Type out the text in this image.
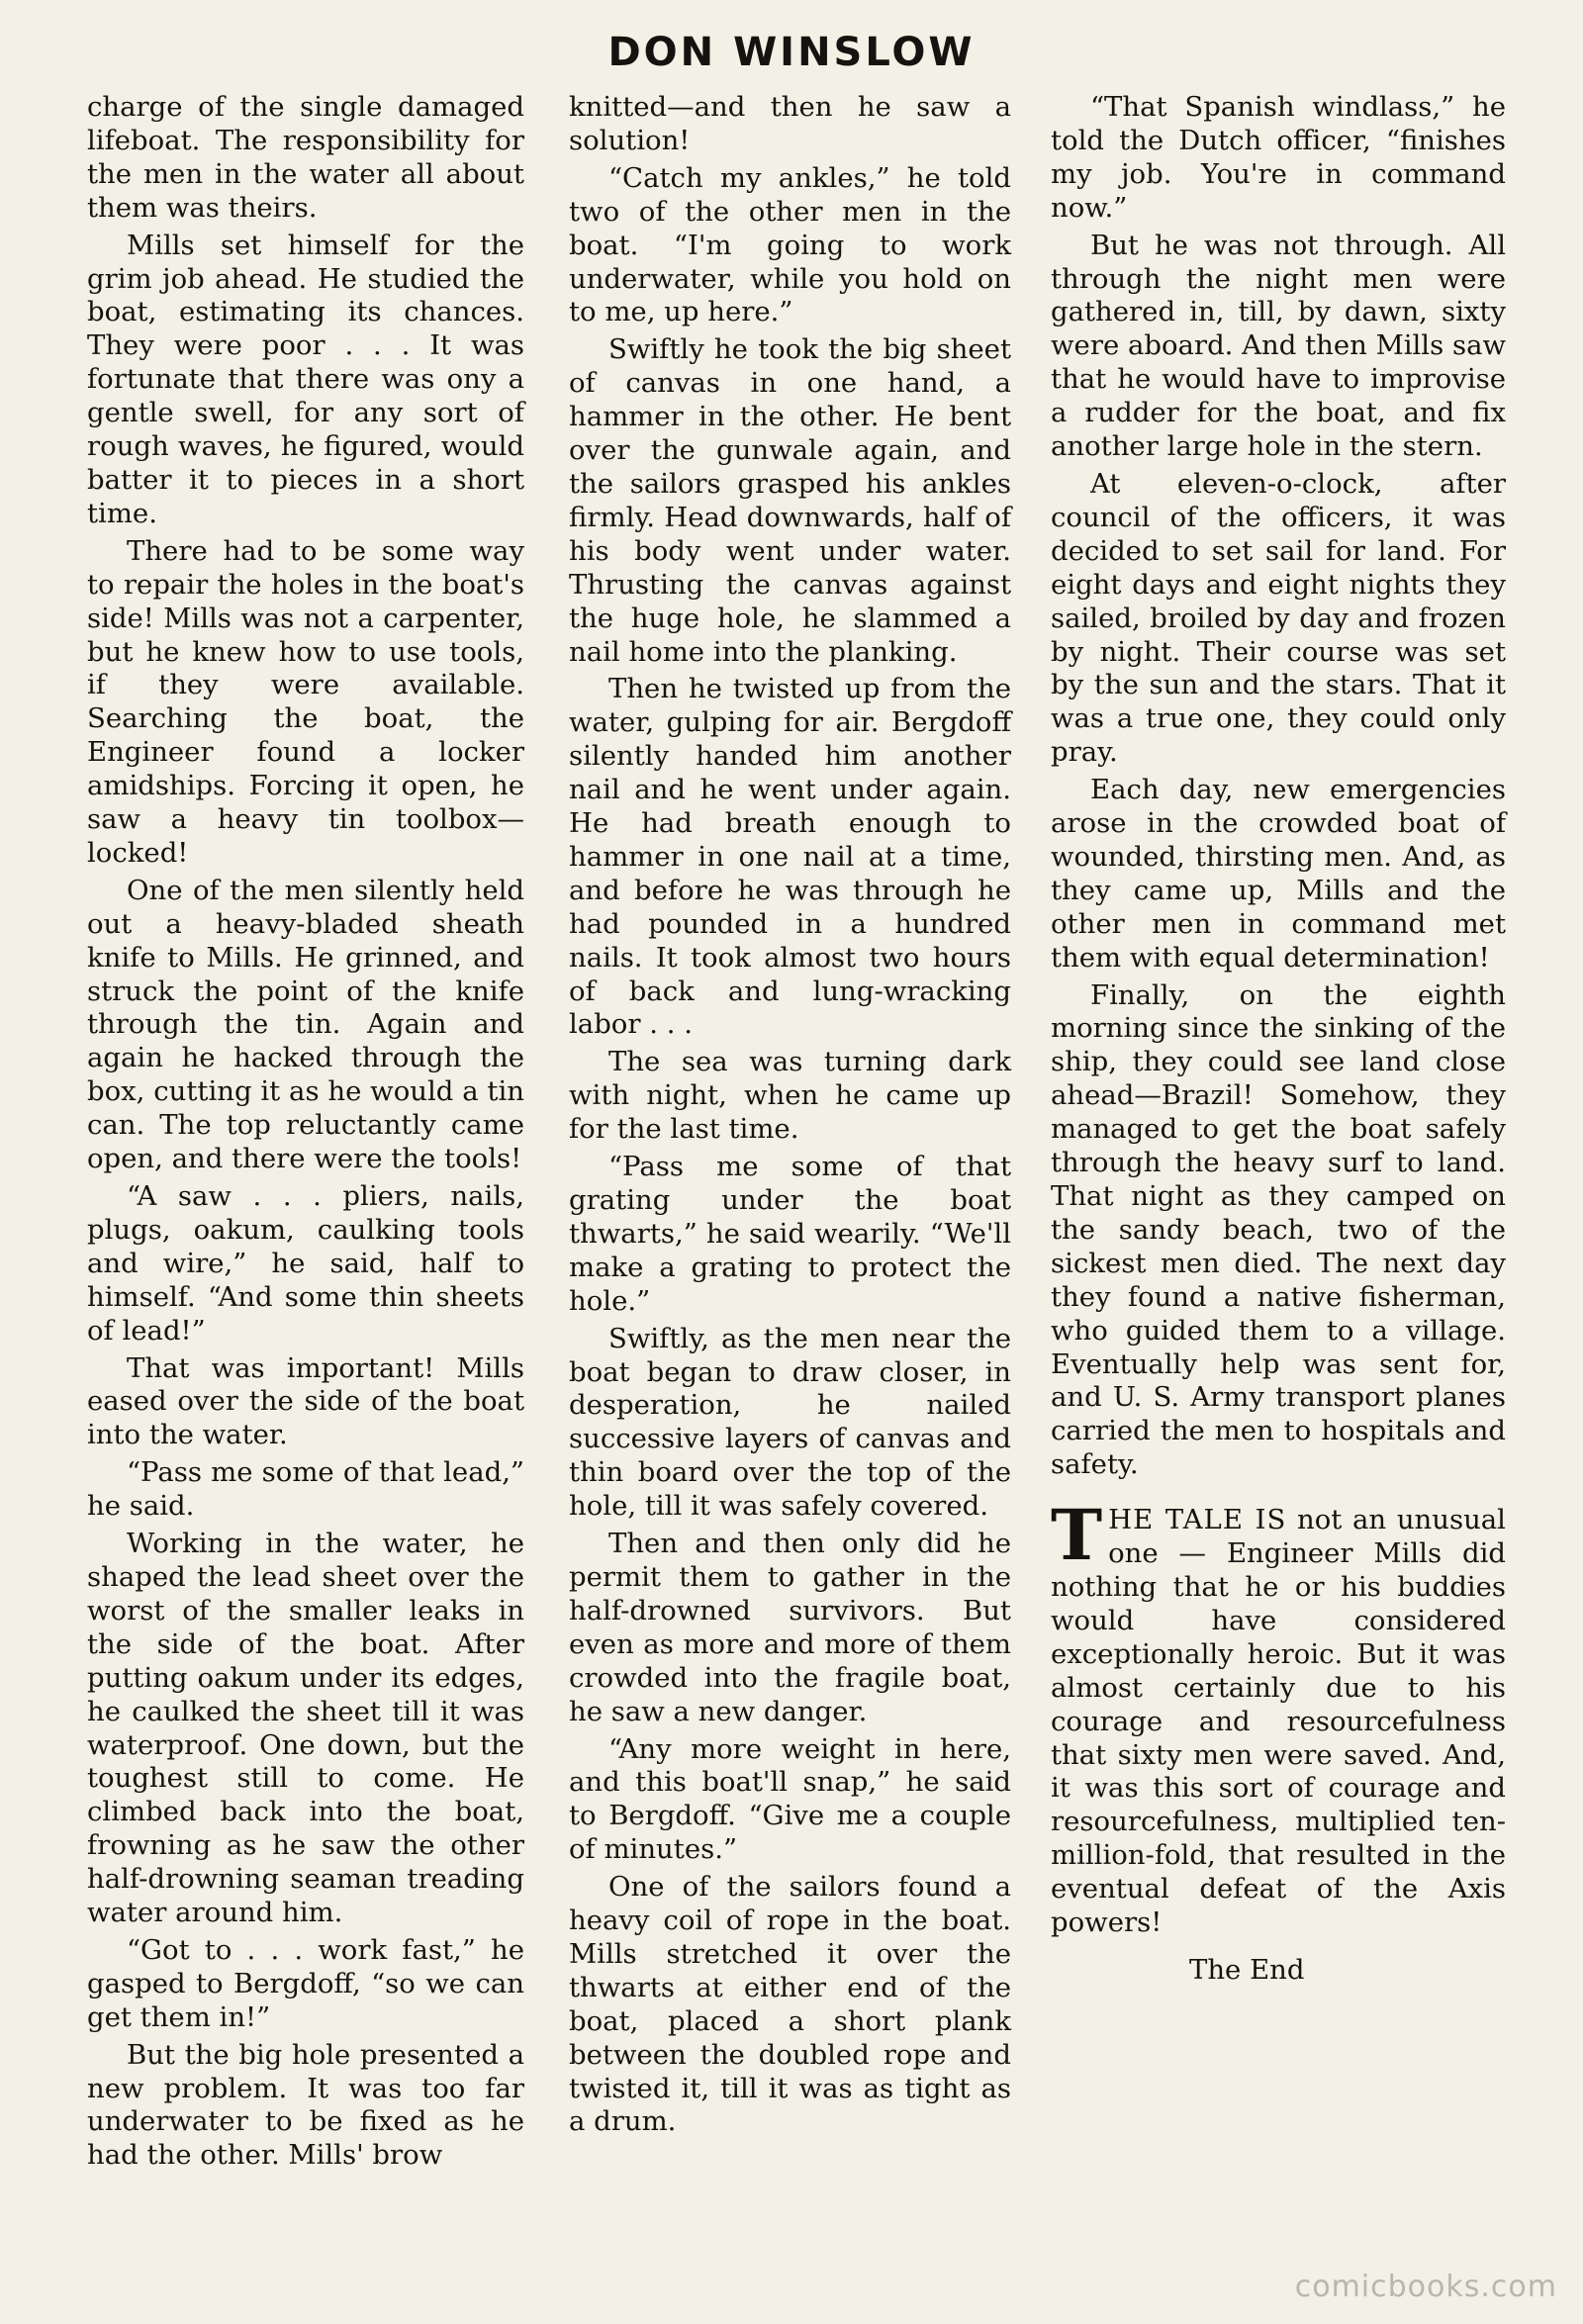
DON WINSLOW

charge of the single damaged lifeboat. The responsibility for the men in the water all about them was theirs.

Mills set himself for the grim job ahead. He studied the boat, estimating its chances. They were poor . . . It was fortunate that there was ony a gentle swell, for any sort of rough waves, he figured, would batter it to pieces in a short time.

There had to be some way to repair the holes in the boat's side! Mills was not a carpenter, but he knew how to use tools, if they were available. Searching the boat, the Engineer found a locker amidships. Forcing it open, he saw a heavy tin toolbox—locked!

One of the men silently held out a heavy-bladed sheath knife to Mills. He grinned, and struck the point of the knife through the tin. Again and again he hacked through the box, cutting it as he would a tin can. The top reluctantly came open, and there were the tools!

“A saw . . . pliers, nails, plugs, oakum, caulking tools and wire,” he said, half to himself. “And some thin sheets of lead!”

That was important! Mills eased over the side of the boat into the water.

“Pass me some of that lead,” he said.

Working in the water, he shaped the lead sheet over the worst of the smaller leaks in the side of the boat. After putting oakum under its edges, he caulked the sheet till it was waterproof. One down, but the toughest still to come. He climbed back into the boat, frowning as he saw the other half-drowning seaman treading water around him.

“Got to . . . work fast,” he gasped to Bergdoff, “so we can get them in!”

But the big hole presented a new problem. It was too far underwater to be fixed as he had the other. Mills' brow

knitted—and then he saw a solution!

“Catch my ankles,” he told two of the other men in the boat. “I'm going to work underwater, while you hold on to me, up here.”

Swiftly he took the big sheet of canvas in one hand, a hammer in the other. He bent over the gunwale again, and the sailors grasped his ankles firmly. Head downwards, half of his body went under water. Thrusting the canvas against the huge hole, he slammed a nail home into the planking.

Then he twisted up from the water, gulping for air. Bergdoff silently handed him another nail and he went under again. He had breath enough to hammer in one nail at a time, and before he was through he had pounded in a hundred nails. It took almost two hours of back and lung-wracking labor . . .

The sea was turning dark with night, when he came up for the last time.

“Pass me some of that grating under the boat thwarts,” he said wearily. “We'll make a grating to protect the hole.”

Swiftly, as the men near the boat began to draw closer, in desperation, he nailed successive layers of canvas and thin board over the top of the hole, till it was safely covered.

Then and then only did he permit them to gather in the half-drowned survivors. But even as more and more of them crowded into the fragile boat, he saw a new danger.

“Any more weight in here, and this boat'll snap,” he said to Bergdoff. “Give me a couple of minutes.”

One of the sailors found a heavy coil of rope in the boat. Mills stretched it over the thwarts at either end of the boat, placed a short plank between the doubled rope and twisted it, till it was as tight as a drum.

“That Spanish windlass,” he told the Dutch officer, “finishes my job. You're in command now.”

But he was not through. All through the night men were gathered in, till, by dawn, sixty were aboard. And then Mills saw that he would have to improvise a rudder for the boat, and fix another large hole in the stern.

At eleven-o-clock, after council of the officers, it was decided to set sail for land. For eight days and eight nights they sailed, broiled by day and frozen by night. Their course was set by the sun and the stars. That it was a true one, they could only pray.

Each day, new emergencies arose in the crowded boat of wounded, thirsting men. And, as they came up, Mills and the other men in command met them with equal determination!

Finally, on the eighth morning since the sinking of the ship, they could see land close ahead—Brazil! Somehow, they managed to get the boat safely through the heavy surf to land. That night as they camped on the sandy beach, two of the sickest men died. The next day they found a native fisherman, who guided them to a village. Eventually help was sent for, and U. S. Army transport planes carried the men to hospitals and safety.

THE TALE IS not an unusual one — Engineer Mills did nothing that he or his buddies would have considered exceptionally heroic. But it was almost certainly due to his courage and resourcefulness that sixty men were saved. And, it was this sort of courage and resourcefulness, multiplied ten-million-fold, that resulted in the eventual defeat of the Axis powers!

The End

comicbooks.com
